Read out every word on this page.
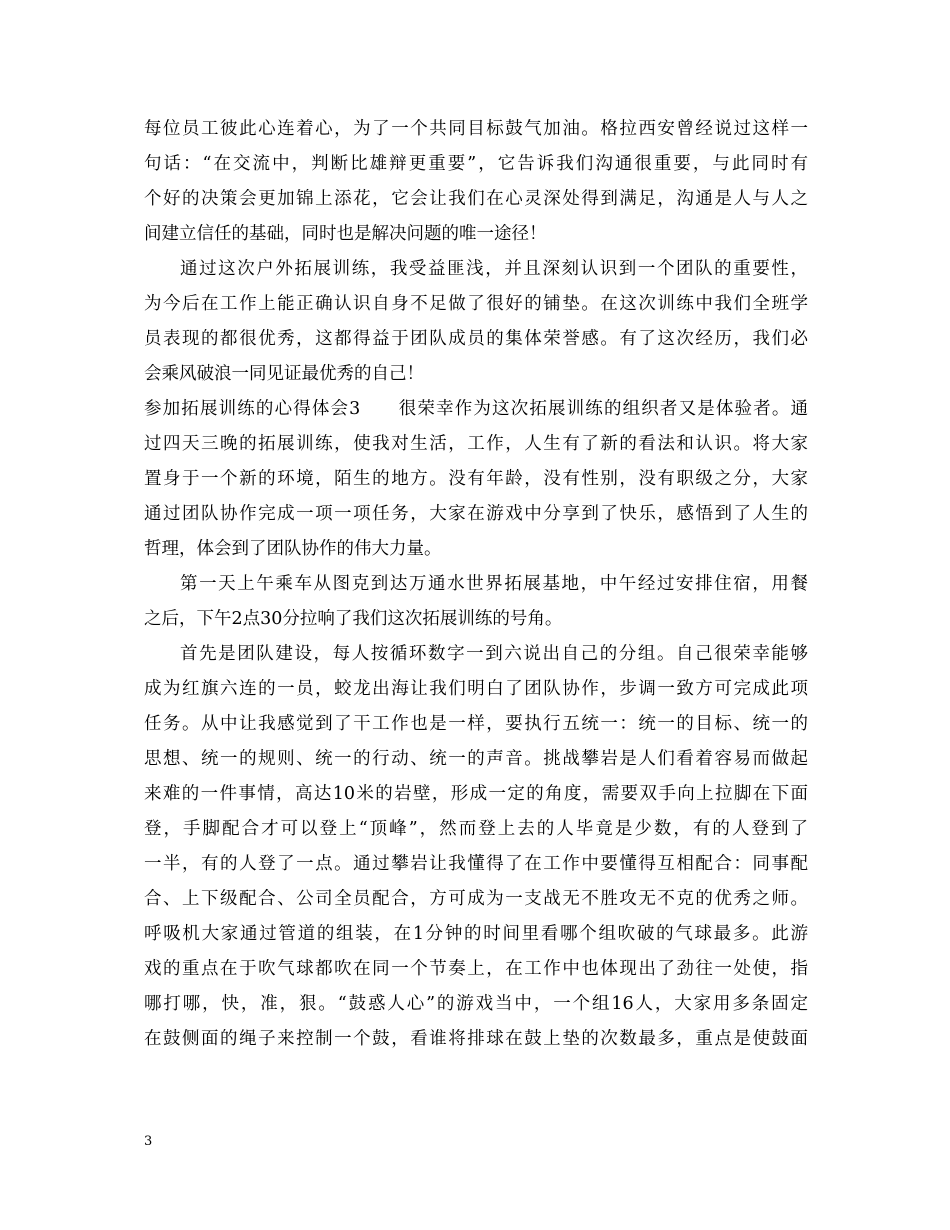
每位员工彼此心连着心，为了一个共同目标鼓气加油。格拉西安曾经说过这样一
句话：“在交流中，判断比雄辩更重要”，它告诉我们沟通很重要，与此同时有
个好的决策会更加锦上添花，它会让我们在心灵深处得到满足，沟通是人与人之
间建立信任的基础，同时也是解决问题的唯一途径！
通过这次户外拓展训练，我受益匪浅，并且深刻认识到一个团队的重要性，
为今后在工作上能正确认识自身不足做了很好的铺垫。在这次训练中我们全班学
员表现的都很优秀，这都得益于团队成员的集体荣誉感。有了这次经历，我们必
会乘风破浪一同见证最优秀的自己！
参加拓展训练的心得体会3　　很荣幸作为这次拓展训练的组织者又是体验者。通
过四天三晚的拓展训练，使我对生活，工作，人生有了新的看法和认识。将大家
置身于一个新的环境，陌生的地方。没有年龄，没有性别，没有职级之分，大家
通过团队协作完成一项一项任务，大家在游戏中分享到了快乐，感悟到了人生的
哲理，体会到了团队协作的伟大力量。
第一天上午乘车从图克到达万通水世界拓展基地，中午经过安排住宿，用餐
之后，下午2点30分拉响了我们这次拓展训练的号角。
首先是团队建设，每人按循环数字一到六说出自己的分组。自己很荣幸能够
成为红旗六连的一员，蛟龙出海让我们明白了团队协作，步调一致方可完成此项
任务。从中让我感觉到了干工作也是一样，要执行五统一：统一的目标、统一的
思想、统一的规则、统一的行动、统一的声音。挑战攀岩是人们看着容易而做起
来难的一件事情，高达10米的岩壁，形成一定的角度，需要双手向上拉脚在下面
登，手脚配合才可以登上“顶峰”，然而登上去的人毕竟是少数，有的人登到了
一半，有的人登了一点。通过攀岩让我懂得了在工作中要懂得互相配合：同事配
合、上下级配合、公司全员配合，方可成为一支战无不胜攻无不克的优秀之师。
呼吸机大家通过管道的组装，在1分钟的时间里看哪个组吹破的气球最多。此游
戏的重点在于吹气球都吹在同一个节奏上，在工作中也体现出了劲往一处使，指
哪打哪，快，准，狠。“鼓惑人心”的游戏当中，一个组16人，大家用多条固定
在鼓侧面的绳子来控制一个鼓，看谁将排球在鼓上垫的次数最多，重点是使鼓面
3
